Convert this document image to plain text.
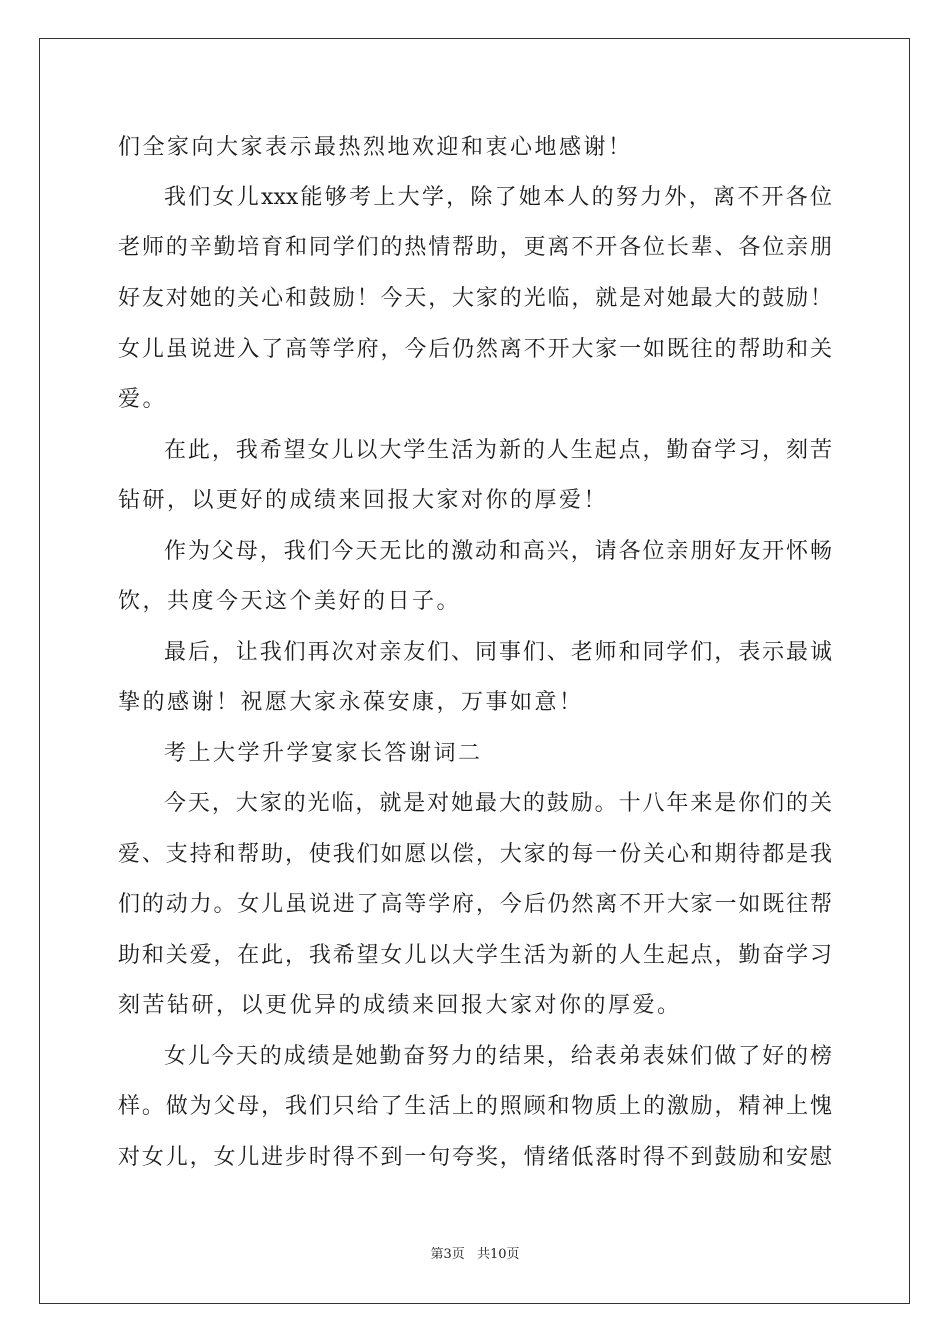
们全家向大家表示最热烈地欢迎和衷心地感谢！
我们女儿xxx能够考上大学，除了她本人的努力外，离不开各位
老师的辛勤培育和同学们的热情帮助，更离不开各位长辈、各位亲朋
好友对她的关心和鼓励！今天，大家的光临，就是对她最大的鼓励！
女儿虽说进入了高等学府，今后仍然离不开大家一如既往的帮助和关
爱。
在此，我希望女儿以大学生活为新的人生起点，勤奋学习，刻苦
钻研，以更好的成绩来回报大家对你的厚爱！
作为父母，我们今天无比的激动和高兴，请各位亲朋好友开怀畅
饮，共度今天这个美好的日子。
最后，让我们再次对亲友们、同事们、老师和同学们，表示最诚
挚的感谢！祝愿大家永葆安康，万事如意！
考上大学升学宴家长答谢词二
今天，大家的光临，就是对她最大的鼓励。十八年来是你们的关
爱、支持和帮助，使我们如愿以偿，大家的每一份关心和期待都是我
们的动力。女儿虽说进了高等学府，今后仍然离不开大家一如既往帮
助和关爱，在此，我希望女儿以大学生活为新的人生起点，勤奋学习
刻苦钻研，以更优异的成绩来回报大家对你的厚爱。
女儿今天的成绩是她勤奋努力的结果，给表弟表妹们做了好的榜
样。做为父母，我们只给了生活上的照顾和物质上的激励，精神上愧
对女儿，女儿进步时得不到一句夸奖，情绪低落时得不到鼓励和安慰
第3页 共10页
